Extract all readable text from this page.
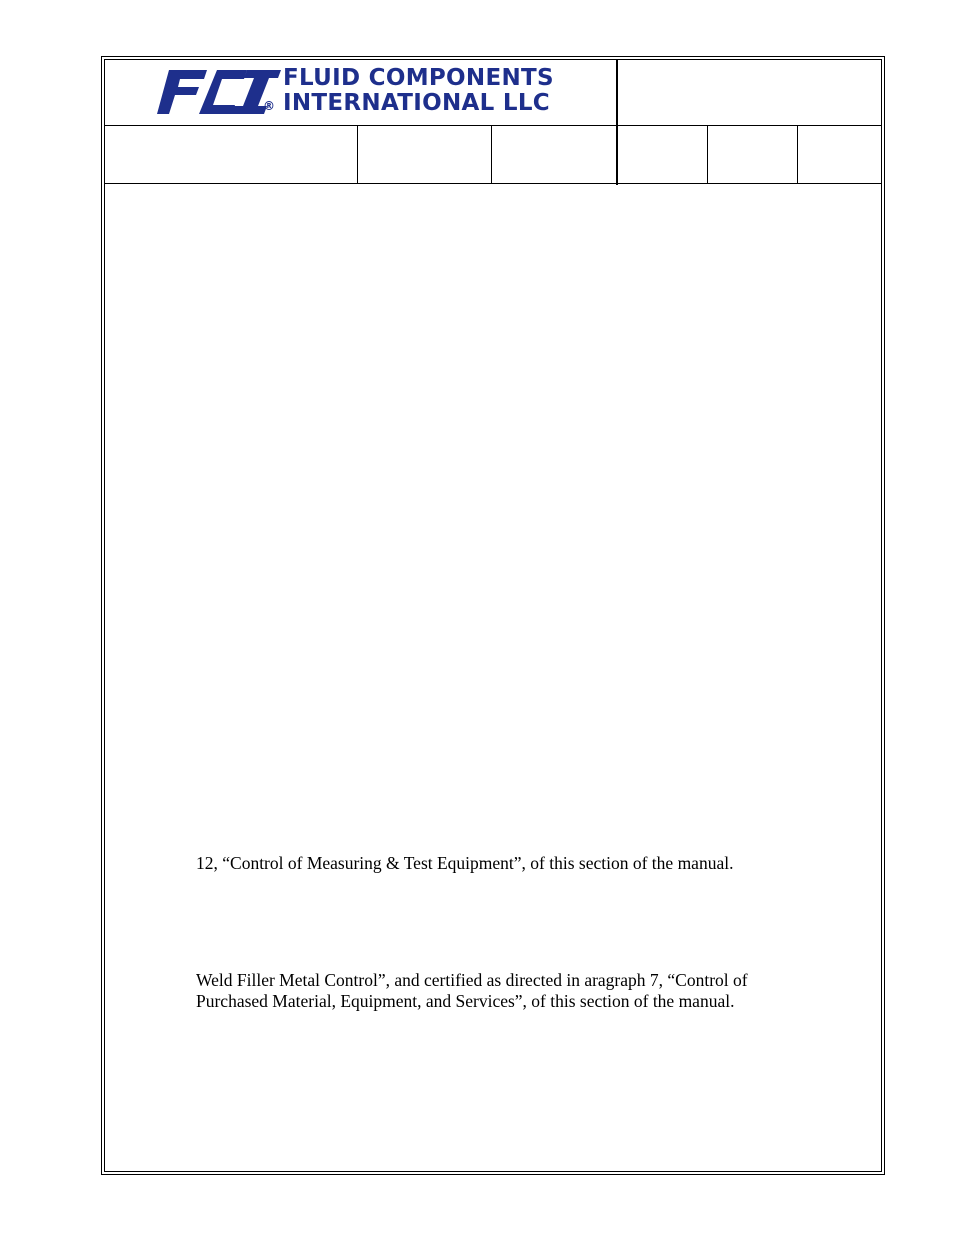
®
FLUID COMPONENTS
INTERNATIONAL LLC
12, “Control of Measuring & Test Equipment”, of this section of the manual.
Weld Filler Metal Control”, and certified as directed in aragraph 7, “Control of
Purchased Material, Equipment, and Services”, of this section of the manual.
